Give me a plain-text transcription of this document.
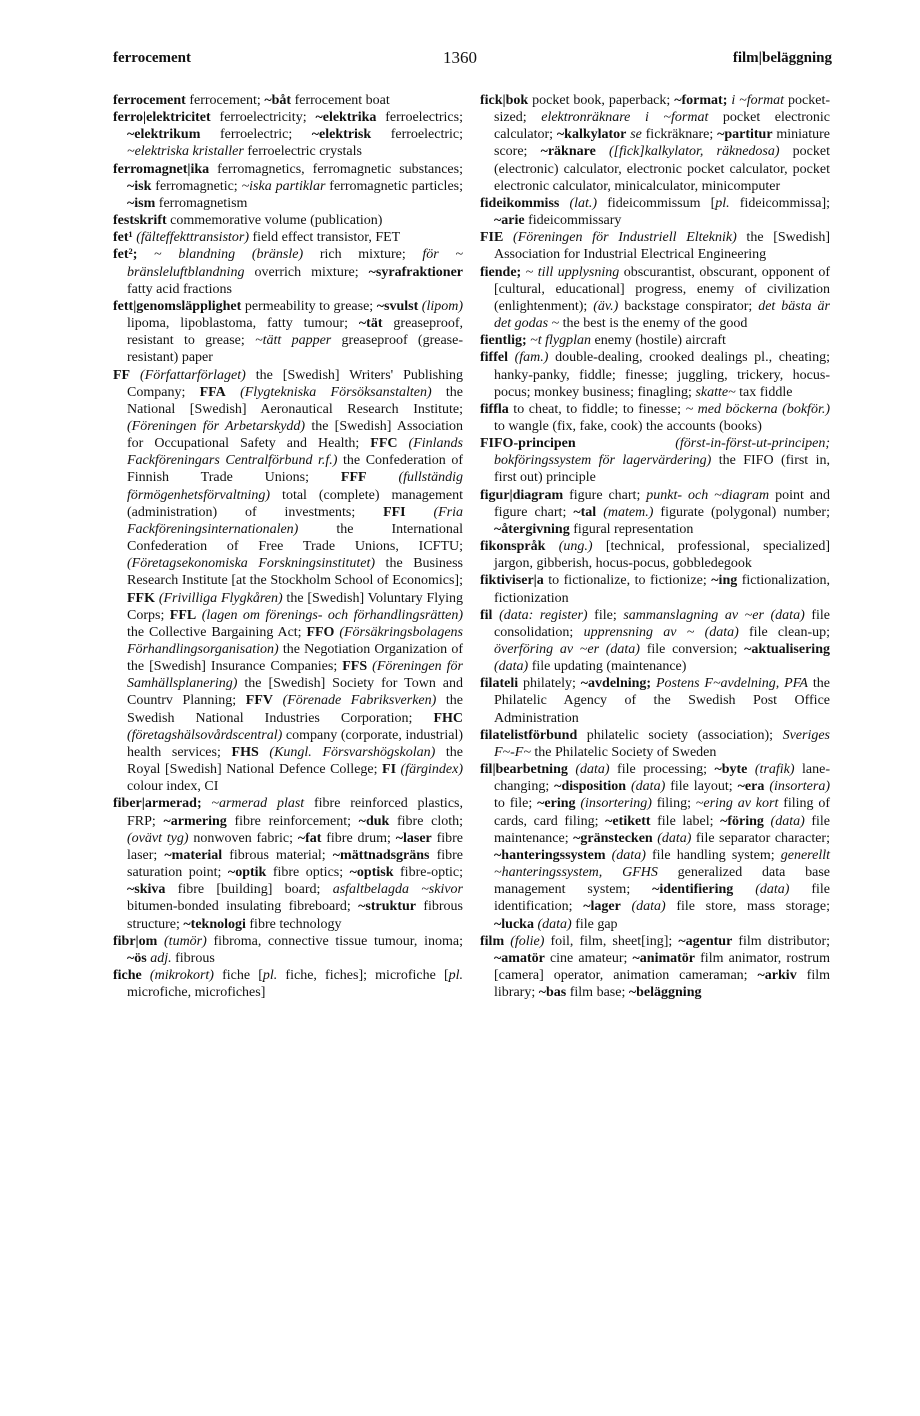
ferrocement	1360	film|beläggning

ferrocement ferrocement; ~båt ferrocement boat

ferro|elektricitet ferroelectricity; ~elektrika ferroelectrics; ~elektrikum ferroelectric; ~elektrisk ferroelectric; ~elektriska kristaller ferroelectric crystals

ferromagnet|ika ferromagnetics, ferromagnetic substances; ~isk ferromagnetic; ~iska partiklar ferromagnetic particles; ~ism ferromagnetism

festskrift commemorative volume (publication)

fet¹ (fälteffekttransistor) field effect transistor, FET

fet²; ~ blandning (bränsle) rich mixture; för ~ bränsleluftblandning overrich mixture; ~syrafraktioner fatty acid fractions

fett|genomsläpplighet permeability to grease; ~svulst (lipom) lipoma, lipoblastoma, fatty tumour; ~tät greaseproof, resistant to grease; ~tätt papper greaseproof (grease-resistant) paper

FF (Författarförlaget) the [Swedish] Writers' Publishing Company; FFA (Flygtekniska Försöksanstalten) the National [Swedish] Aeronautical Research Institute; (Föreningen för Arbetarskydd) the [Swedish] Association for Occupational Safety and Health; FFC (Finlands Fackföreningars Centralförbund r.f.) the Confederation of Finnish Trade Unions; FFF (fullständig förmögenhetsförvaltning) total (complete) management (administration) of investments; FFI (Fria Fackföreningsinternationalen) the International Confederation of Free Trade Unions, ICFTU; (Företagsekonomiska Forskningsinstitutet) the Business Research Institute [at the Stockholm School of Economics]; FFK (Frivilliga Flygkåren) the [Swedish] Voluntary Flying Corps; FFL (lagen om förenings- och förhandlingsrätten) the Collective Bargaining Act; FFO (Försäkringsbolagens Förhandlingsorganisation) the Negotiation Organization of the [Swedish] Insurance Companies; FFS (Föreningen för Samhällsplanering) the [Swedish] Society for Town and Countrv Planning; FFV (Förenade Fabriksverken) the Swedish National Industries Corporation; FHC (företagshälsovårdscentral) company (corporate, industrial) health services; FHS (Kungl. Försvarshögskolan) the Royal [Swedish] National Defence College; FI (färgindex) colour index, CI

fiber|armerad; ~armerad plast fibre reinforced plastics, FRP; ~armering fibre reinforcement; ~duk fibre cloth; (ovävt tyg) nonwoven fabric; ~fat fibre drum; ~laser fibre laser; ~material fibrous material; ~mättnadsgräns fibre saturation point; ~optik fibre optics; ~optisk fibre-optic; ~skiva fibre [building] board; asfaltbelagda ~skivor bitumen-bonded insulating fibreboard; ~struktur fibrous structure; ~teknologi fibre technology

fibr|om (tumör) fibroma, connective tissue tumour, inoma; ~ös adj. fibrous

fiche (mikrokort) fiche [pl. fiche, fiches]; microfiche [pl. microfiche, microfiches]

fick|bok pocket book, paperback; ~format; i ~format pocket-sized; elektronräknare i ~format pocket electronic calculator; ~kalkylator se fickräknare; ~partitur miniature score; ~räknare ([fick]kalkylator, räknedosa) pocket (electronic) calculator, electronic pocket calculator, pocket electronic calculator, minicalculator, minicomputer

fideikommiss (lat.) fideicommissum [pl. fideicommissa]; ~arie fideicommissary

FIE (Föreningen för Industriell Elteknik) the [Swedish] Association for Industrial Electrical Engineering

fiende; ~ till upplysning obscurantist, obscurant, opponent of [cultural, educational] progress, enemy of civilization (enlightenment); (äv.) backstage conspirator; det bästa är det godas ~ the best is the enemy of the good

fientlig; ~t flygplan enemy (hostile) aircraft

fiffel (fam.) double-dealing, crooked dealings pl., cheating; hanky-panky, fiddle; finesse; juggling, trickery, hocus-pocus; monkey business; finagling; skatte~ tax fiddle

fiffla to cheat, to fiddle; to finesse; ~ med böckerna (bokför.) to wangle (fix, fake, cook) the accounts (books)

FIFO-principen	(först-in-först-ut-principen; bokföringssystem för lagervärdering) the FIFO (first in, first out) principle

figur|diagram figure chart; punkt- och ~diagram point and figure chart; ~tal (matem.) figurate (polygonal) number; ~återgivning figural representation

fikonspråk (ung.) [technical, professional, specialized] jargon, gibberish, hocus-pocus, gobbledegook

fiktiviser|a to fictionalize, to fictionize; ~ing fictionalization, fictionization

fil (data: register) file; sammanslagning av ~er (data) file consolidation; upprensning av ~ (data) file clean-up; överföring av ~er (data) file conversion; ~aktualisering (data) file updating (maintenance)

filateli philately; ~avdelning; Postens F~avdelning, PFA the Philatelic Agency of the Swedish Post Office Administration

filatelistförbund philatelic society (association); Sveriges F~-F~ the Philatelic Society of Sweden

fil|bearbetning (data) file processing; ~byte (trafik) lane-changing; ~disposition (data) file layout; ~era (insortera) to file; ~ering (insortering) filing; ~ering av kort filing of cards, card filing; ~etikett file label; ~föring (data) file maintenance; ~gränstecken (data) file separator character; ~hanteringssystem (data) file handling system; generellt ~hanteringssystem, GFHS generalized data base management system; ~identifiering (data) file identification; ~lager (data) file store, mass storage; ~lucka (data) file gap

film (folie) foil, film, sheet[ing]; ~agentur film distributor; ~amatör cine amateur; ~animatör film animator, rostrum [camera] operator, animation cameraman; ~arkiv film library; ~bas film base; ~beläggning
